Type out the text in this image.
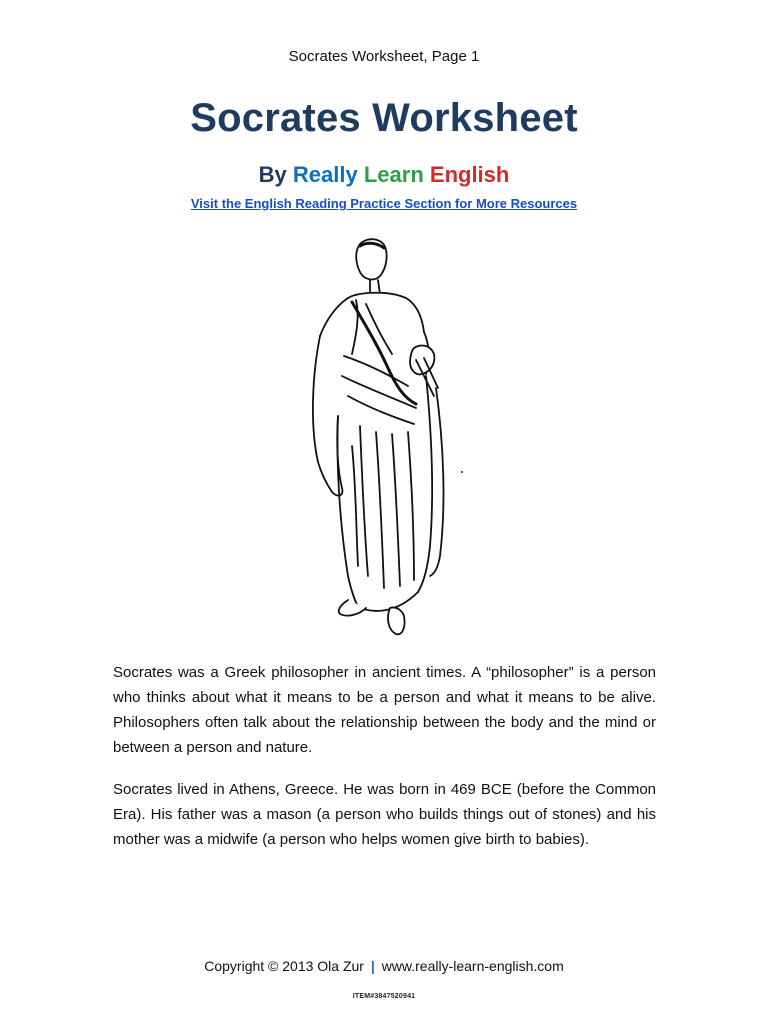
Socrates Worksheet, Page 1
Socrates Worksheet
By Really Learn English
Visit the English Reading Practice Section for More Resources

Socrates was a Greek philosopher in ancient times. A “philosopher” is a person who thinks about what it means to be a person and what it means to be alive. Philosophers often talk about the relationship between the body and the mind or between a person and nature.

Socrates lived in Athens, Greece. He was born in 469 BCE (before the Common Era). His father was a mason (a person who builds things out of stones) and his mother was a midwife (a person who helps women give birth to babies).

Copyright © 2013 Ola Zur | www.really-learn-english.com
ITEM#3847520941
